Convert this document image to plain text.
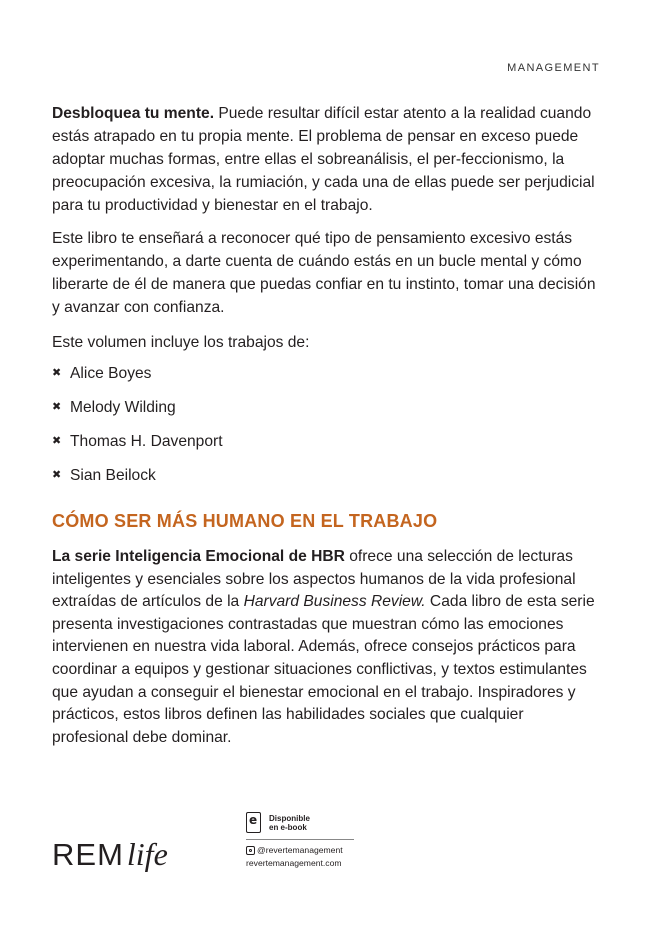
MANAGEMENT

Desbloquea tu mente. Puede resultar difícil estar atento a la realidad cuando estás atrapado en tu propia mente. El problema de pensar en exceso puede adoptar muchas formas, entre ellas el sobreanálisis, el per-feccionismo, la preocupación excesiva, la rumiación, y cada una de ellas puede ser perjudicial para tu productividad y bienestar en el trabajo.

Este libro te enseñará a reconocer qué tipo de pensamiento excesivo estás experimentando, a darte cuenta de cuándo estás en un bucle mental y cómo liberarte de él de manera que puedas confiar en tu instinto, tomar una decisión y avanzar con confianza.

Este volumen incluye los trabajos de:

✖ Alice Boyes
✖ Melody Wilding
✖ Thomas H. Davenport
✖ Sian Beilock
CÓMO SER MÁS HUMANO EN EL TRABAJO

La serie Inteligencia Emocional de HBR ofrece una selección de lecturas inteligentes y esenciales sobre los aspectos humanos de la vida profesional extraídas de artículos de la Harvard Business Review. Cada libro de esta serie presenta investigaciones contrastadas que muestran cómo las emociones intervienen en nuestra vida laboral. Además, ofrece consejos prácticos para coordinar a equipos y gestionar situaciones conflictivas, y textos estimulantes que ayudan a conseguir el bienestar emocional en el trabajo. Inspiradores y prácticos, estos libros definen las habilidades sociales que cualquier profesional debe dominar.

REM life
e
Disponible
en e-book
@revertemanagement
revertemanagement.com
